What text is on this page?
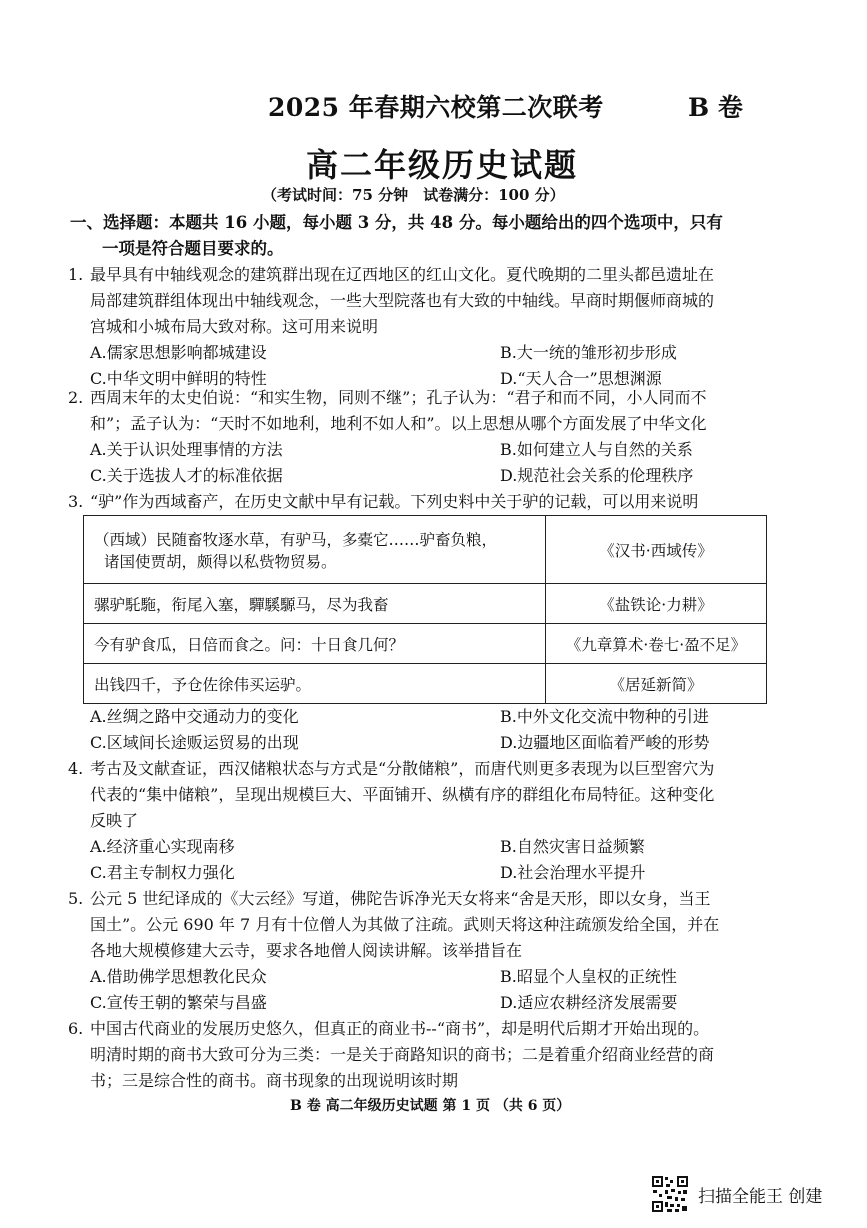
2025 年春期六校第二次联考	B 卷
高二年级历史试题
（考试时间：75 分钟　试卷满分：100 分）
一、选择题：本题共 16 小题，每小题 3 分，共 48 分。每小题给出的四个选项中，只有
一项是符合题目要求的。

1. 最早具有中轴线观念的建筑群出现在辽西地区的红山文化。夏代晚期的二里头都邑遗址在

局部建筑群组体现出中轴线观念，一些大型院落也有大致的中轴线。早商时期偃师商城的

宫城和小城布局大致对称。这可用来说明

A.儒家思想影响都城建设	B.大一统的雏形初步形成
C.中华文明中鲜明的特性	D.“天人合一”思想渊源

2. 西周末年的太史伯说：“和实生物，同则不继”；孔子认为：“君子和而不同，小人同而不

和”；孟子认为：“天时不如地利，地利不如人和”。以上思想从哪个方面发展了中华文化

A.关于认识处理事情的方法	B.如何建立人与自然的关系
C.关于选拔人才的标准依据	D.规范社会关系的伦理秩序

3. “驴”作为西域畜产，在历史文献中早有记载。下列史料中关于驴的记载，可以用来说明

（西域）民随畜牧逐水草，有驴马，多橐它……驴畜负粮，
诸国使贾胡，颇得以私赀物贸易。	《汉书·西域传》
骡驴馲駞，衔尾入塞，驒騱騵马，尽为我畜	《盐铁论·力耕》
今有驴食瓜，日倍而食之。问：十日食几何？	《九章算术·卷七·盈不足》
出钱四千，予仓佐徐伟买运驴。	《居延新简》
A.丝绸之路中交通动力的变化	B.中外文化交流中物种的引进
C.区域间长途贩运贸易的出现	D.边疆地区面临着严峻的形势

4. 考古及文献查证，西汉储粮状态与方式是“分散储粮”，而唐代则更多表现为以巨型窖穴为

代表的“集中储粮”，呈现出规模巨大、平面铺开、纵横有序的群组化布局特征。这种变化

反映了

A.经济重心实现南移	B.自然灾害日益频繁
C.君主专制权力强化	D.社会治理水平提升

5. 公元 5 世纪译成的《大云经》写道，佛陀告诉净光天女将来“舍是天形，即以女身，当王

国土”。公元 690 年 7 月有十位僧人为其做了注疏。武则天将这种注疏颁发给全国，并在

各地大规模修建大云寺，要求各地僧人阅读讲解。该举措旨在

A.借助佛学思想教化民众	B.昭显个人皇权的正统性
C.宣传王朝的繁荣与昌盛	D.适应农耕经济发展需要

6. 中国古代商业的发展历史悠久，但真正的商业书--“商书”，却是明代后期才开始出现的。

明清时期的商书大致可分为三类：一是关于商路知识的商书；二是着重介绍商业经营的商

书；三是综合性的商书。商书现象的出现说明该时期

B 卷 高二年级历史试题 第 1 页 （共 6 页）
扫描全能王 创建
